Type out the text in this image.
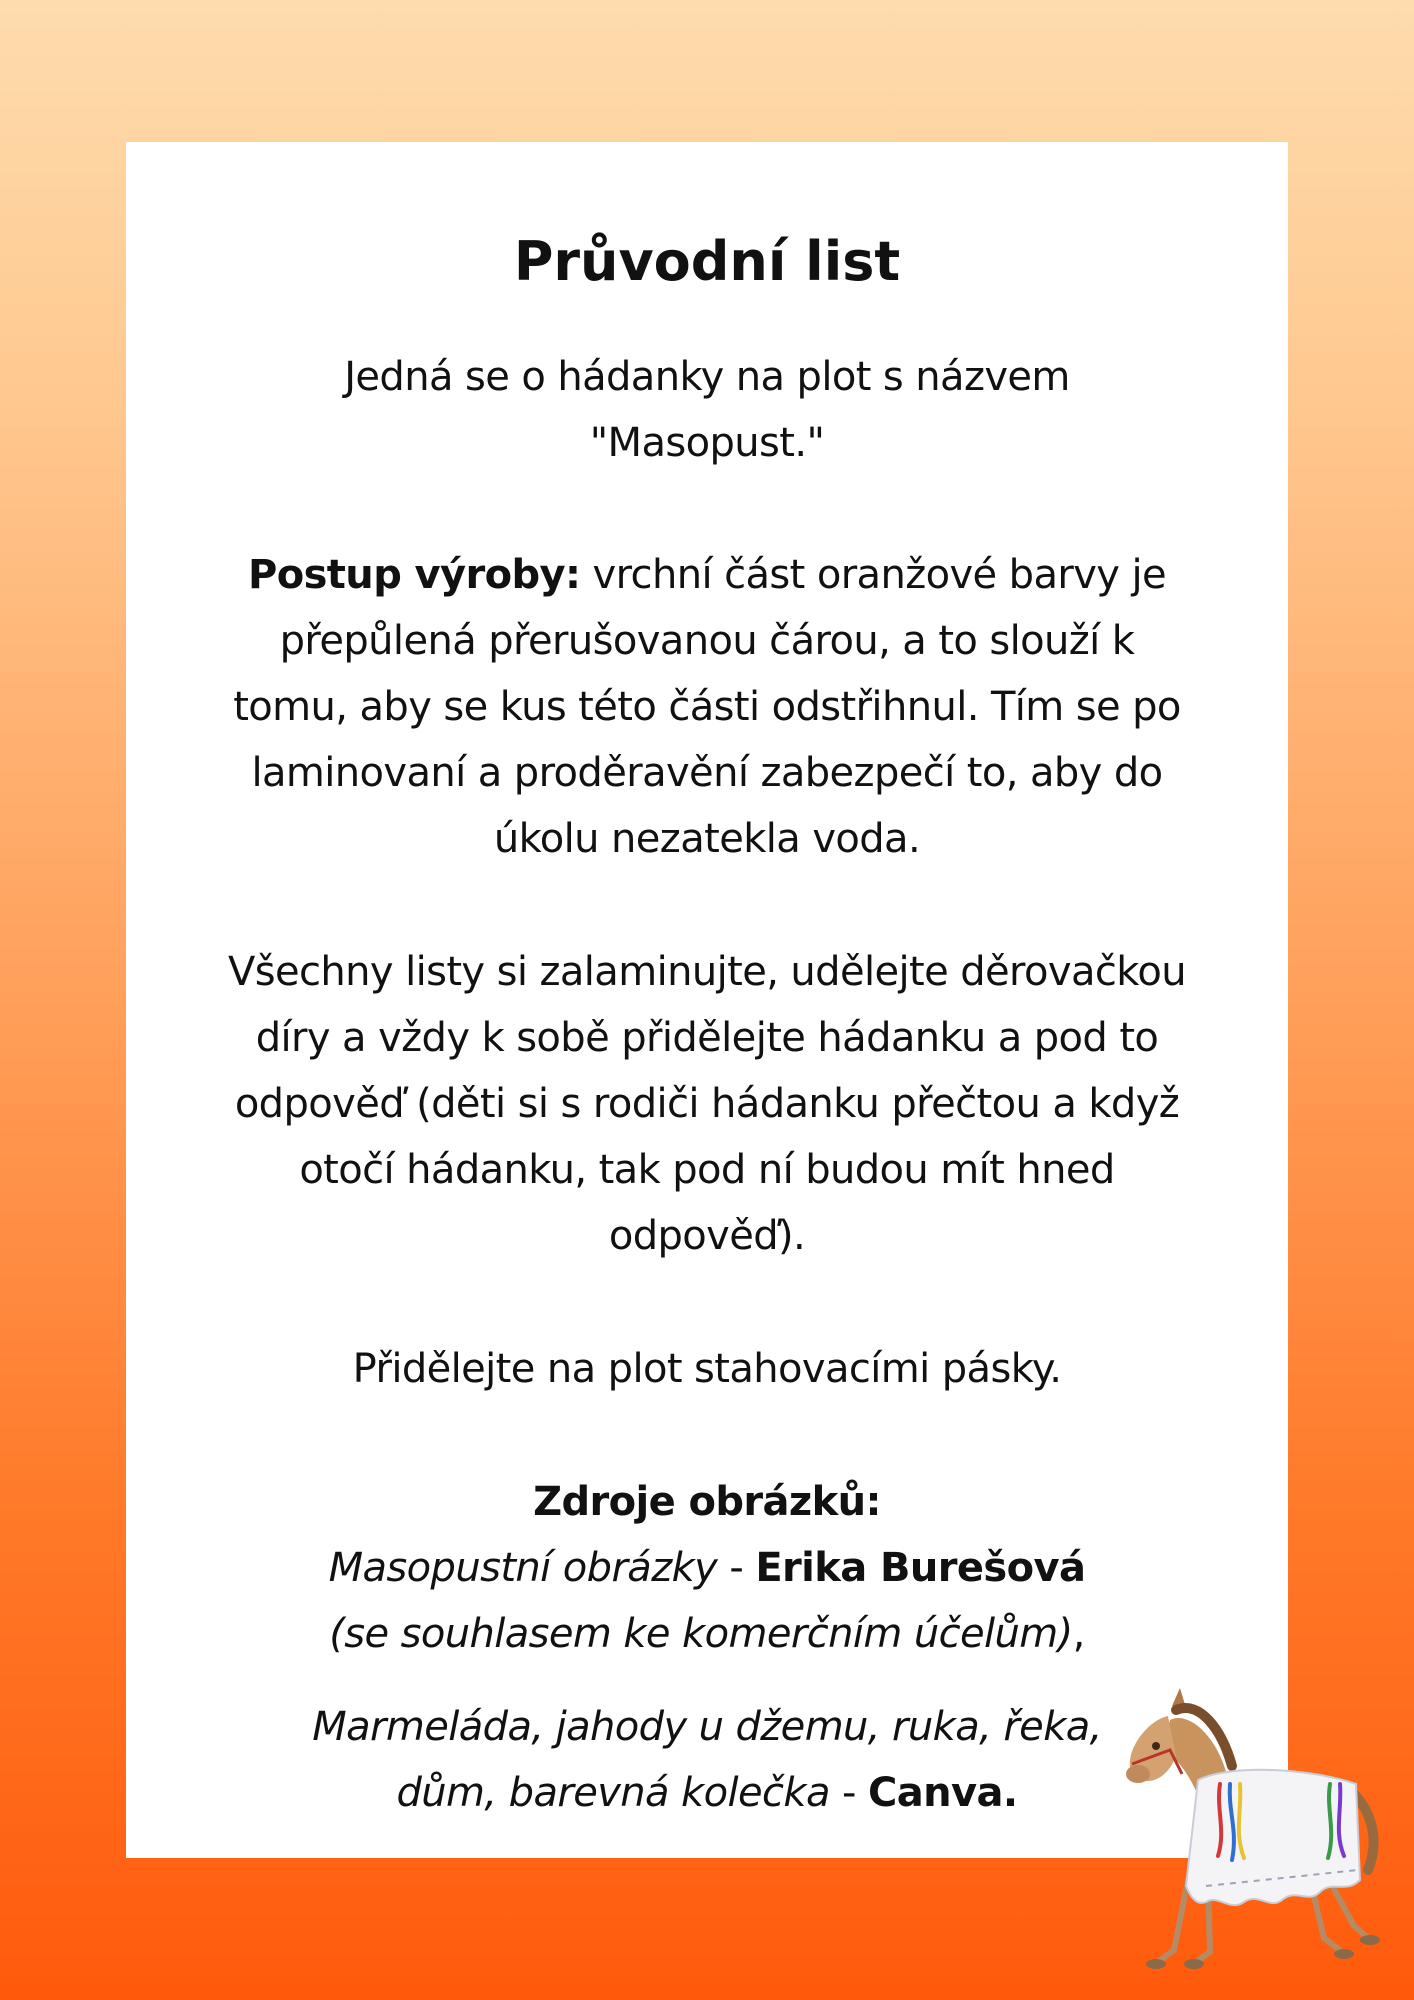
Průvodní list

Jedná se o hádanky na plot s názvem
"Masopust."

Postup výroby: vrchní část oranžové barvy je
přepůlená přerušovanou čárou, a to slouží k
tomu, aby se kus této části odstřihnul. Tím se po
laminovaní a proděravění zabezpečí to, aby do
úkolu nezatekla voda.

Všechny listy si zalaminujte, udělejte děrovačkou
díry a vždy k sobě přidělejte hádanku a pod to
odpověď (děti si s rodiči hádanku přečtou a když
otočí hádanku, tak pod ní budou mít hned
odpověď).

Přidělejte na plot stahovacími pásky.

Zdroje obrázků:
Masopustní obrázky - Erika Burešová
(se souhlasem ke komerčním účelům),

Marmeláda, jahody u džemu, ruka, řeka,
dům, barevná kolečka - Canva.
